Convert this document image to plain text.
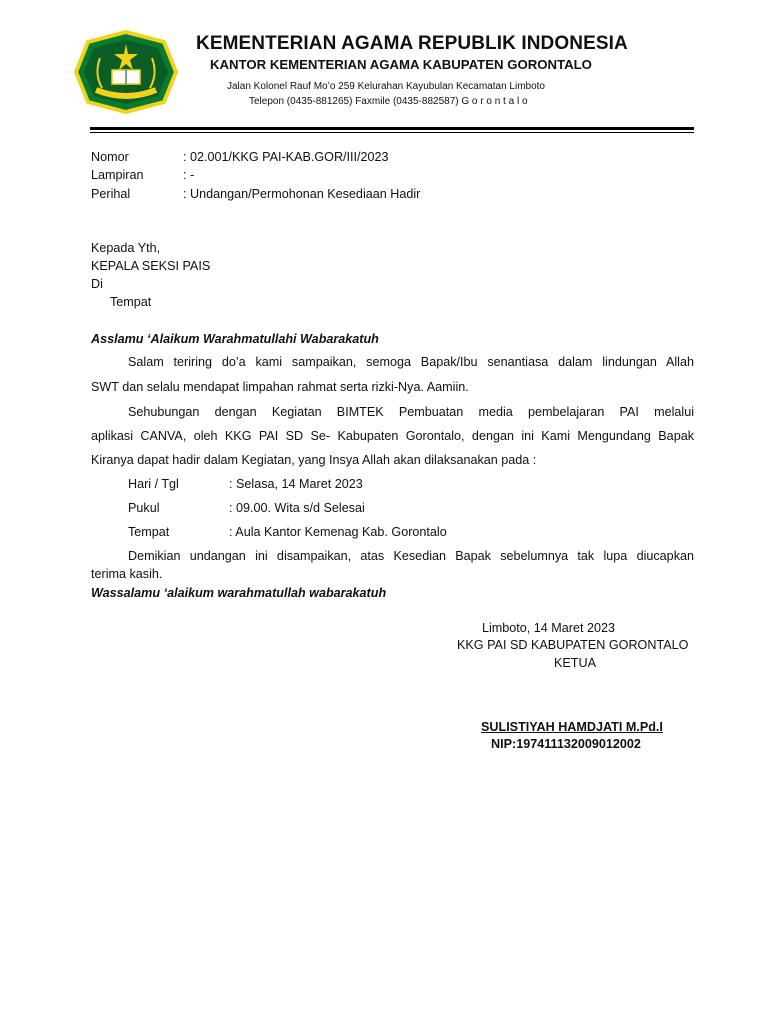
KEMENTERIAN AGAMA REPUBLIK INDONESIA
KANTOR KEMENTERIAN AGAMA KABUPATEN GORONTALO
Jalan Kolonel Rauf Mo’o 259 Kelurahan Kayubulan Kecamatan Limboto
Telepon (0435-881265) Faxmile (0435-882587) G o r o n t a l o
Nomor	: 02.001/KKG PAI-KAB.GOR/III/2023
Lampiran	: -
Perihal	: Undangan/Permohonan Kesediaan Hadir
Kepada Yth,
KEPALA SEKSI PAIS
Di
Tempat
Asslamu ‘Alaikum Warahmatullahi Wabarakatuh
Salam teriring do’a kami sampaikan, semoga Bapak/Ibu senantiasa dalam lindungan Allah
SWT dan selalu mendapat limpahan rahmat serta rizki-Nya. Aamiin.
Sehubungan dengan Kegiatan BIMTEK Pembuatan media pembelajaran PAI melalui
aplikasi CANVA, oleh KKG PAI SD Se- Kabupaten Gorontalo, dengan ini Kami Mengundang Bapak
Kiranya dapat hadir dalam Kegiatan, yang Insya Allah akan dilaksanakan pada :
Hari / Tgl	: Selasa, 14 Maret 2023
Pukul	: 09.00. Wita s/d Selesai
Tempat	: Aula Kantor Kemenag Kab. Gorontalo
Demikian undangan ini disampaikan, atas Kesedian Bapak sebelumnya tak lupa diucapkan
terima kasih.
Wassalamu ‘alaikum warahmatullah wabarakatuh
Limboto, 14 Maret 2023
KKG PAI SD KABUPATEN GORONTALO
KETUA
SULISTIYAH HAMDJATI M.Pd.I
NIP:197411132009012002
